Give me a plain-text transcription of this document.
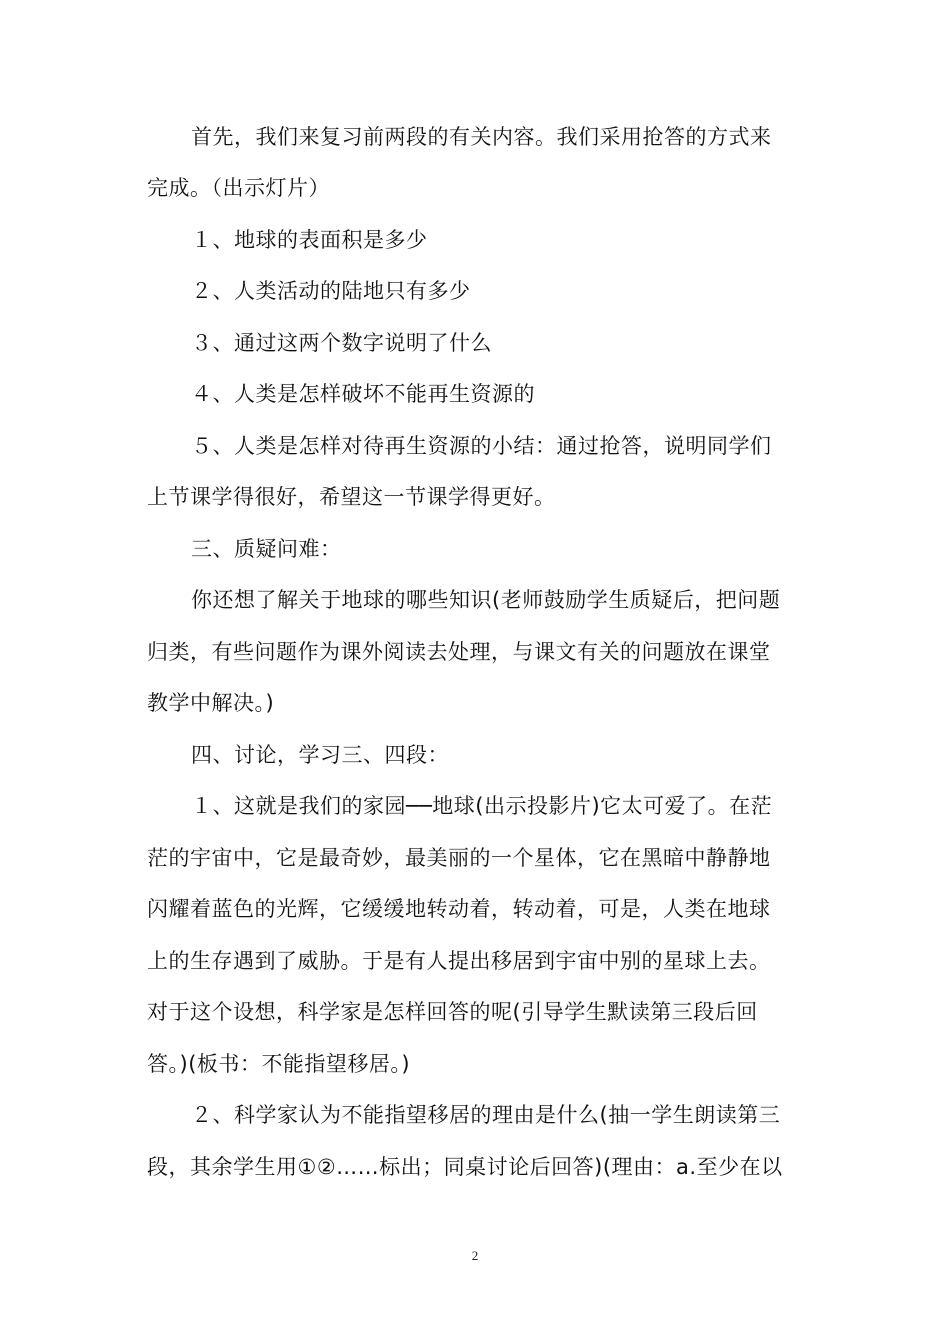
首先，我们来复习前两段的有关内容。我们采用抢答的方式来
完成。（出示灯片）
１、地球的表面积是多少
２、人类活动的陆地只有多少
３、通过这两个数字说明了什么
４、人类是怎样破坏不能再生资源的
５、人类是怎样对待再生资源的小结：通过抢答，说明同学们
上节课学得很好，希望这一节课学得更好。
三、质疑问难：
你还想了解关于地球的哪些知识(老师鼓励学生质疑后，把问题
归类，有些问题作为课外阅读去处理，与课文有关的问题放在课堂
教学中解决。)
四、讨论，学习三、四段：
１、这就是我们的家园──地球(出示投影片)它太可爱了。在茫
茫的宇宙中，它是最奇妙，最美丽的一个星体，它在黑暗中静静地
闪耀着蓝色的光辉，它缓缓地转动着，转动着，可是，人类在地球
上的生存遇到了威胁。于是有人提出移居到宇宙中别的星球上去。
对于这个设想，科学家是怎样回答的呢(引导学生默读第三段后回
答。)(板书：不能指望移居。)
２、科学家认为不能指望移居的理由是什么(抽一学生朗读第三
段，其余学生用①②……标出；同桌讨论后回答)(理由：a.至少在以
2
